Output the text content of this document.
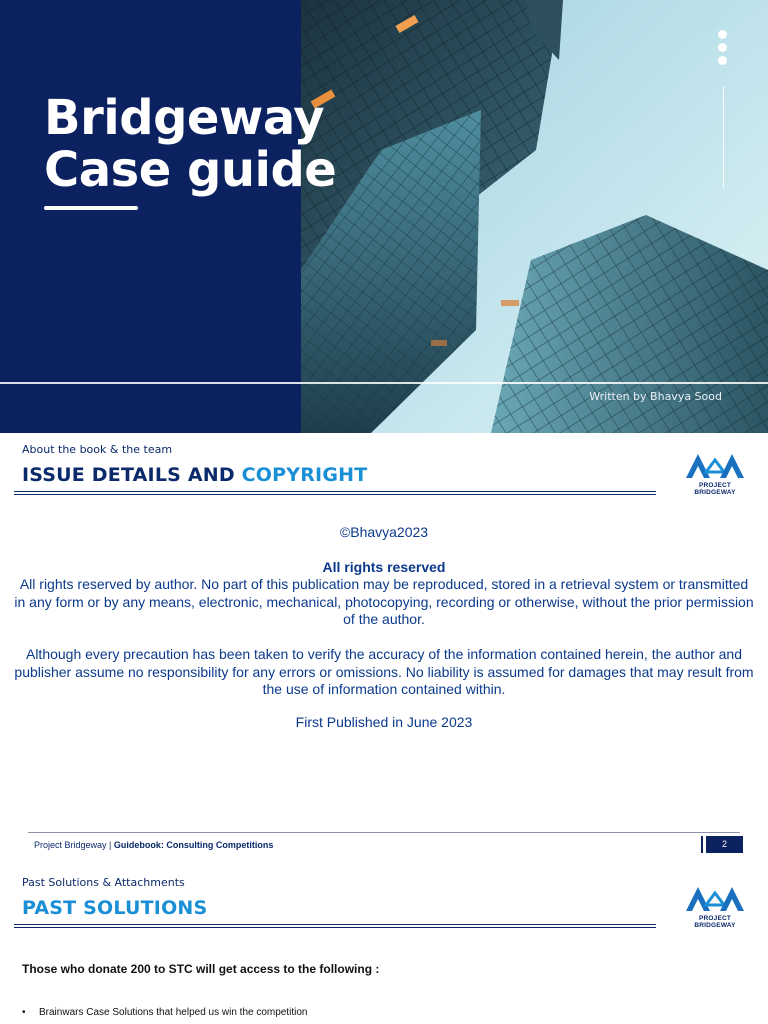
Bridgeway
Case guide
Written by Bhavya Sood
About the book & the team
ISSUE DETAILS AND COPYRIGHT	PROJECT BRIDGEWAY
©Bhavya2023
All rights reserved
All rights reserved by author. No part of this publication may be reproduced, stored in a retrieval system or transmitted in any form or by any means, electronic, mechanical, photocopying, recording or otherwise, without the prior permission of the author.
Although every precaution has been taken to verify the accuracy of the information contained herein, the author and publisher assume no responsibility for any errors or omissions. No liability is assumed for damages that may result from the use of information contained within.
First Published in June 2023
Project Bridgeway | Guidebook: Consulting Competitions	2
Past Solutions & Attachments
PAST SOLUTIONS	PROJECT BRIDGEWAY
Those who donate 200 to STC will get access to the following :
• Brainwars Case Solutions that helped us win the competition
